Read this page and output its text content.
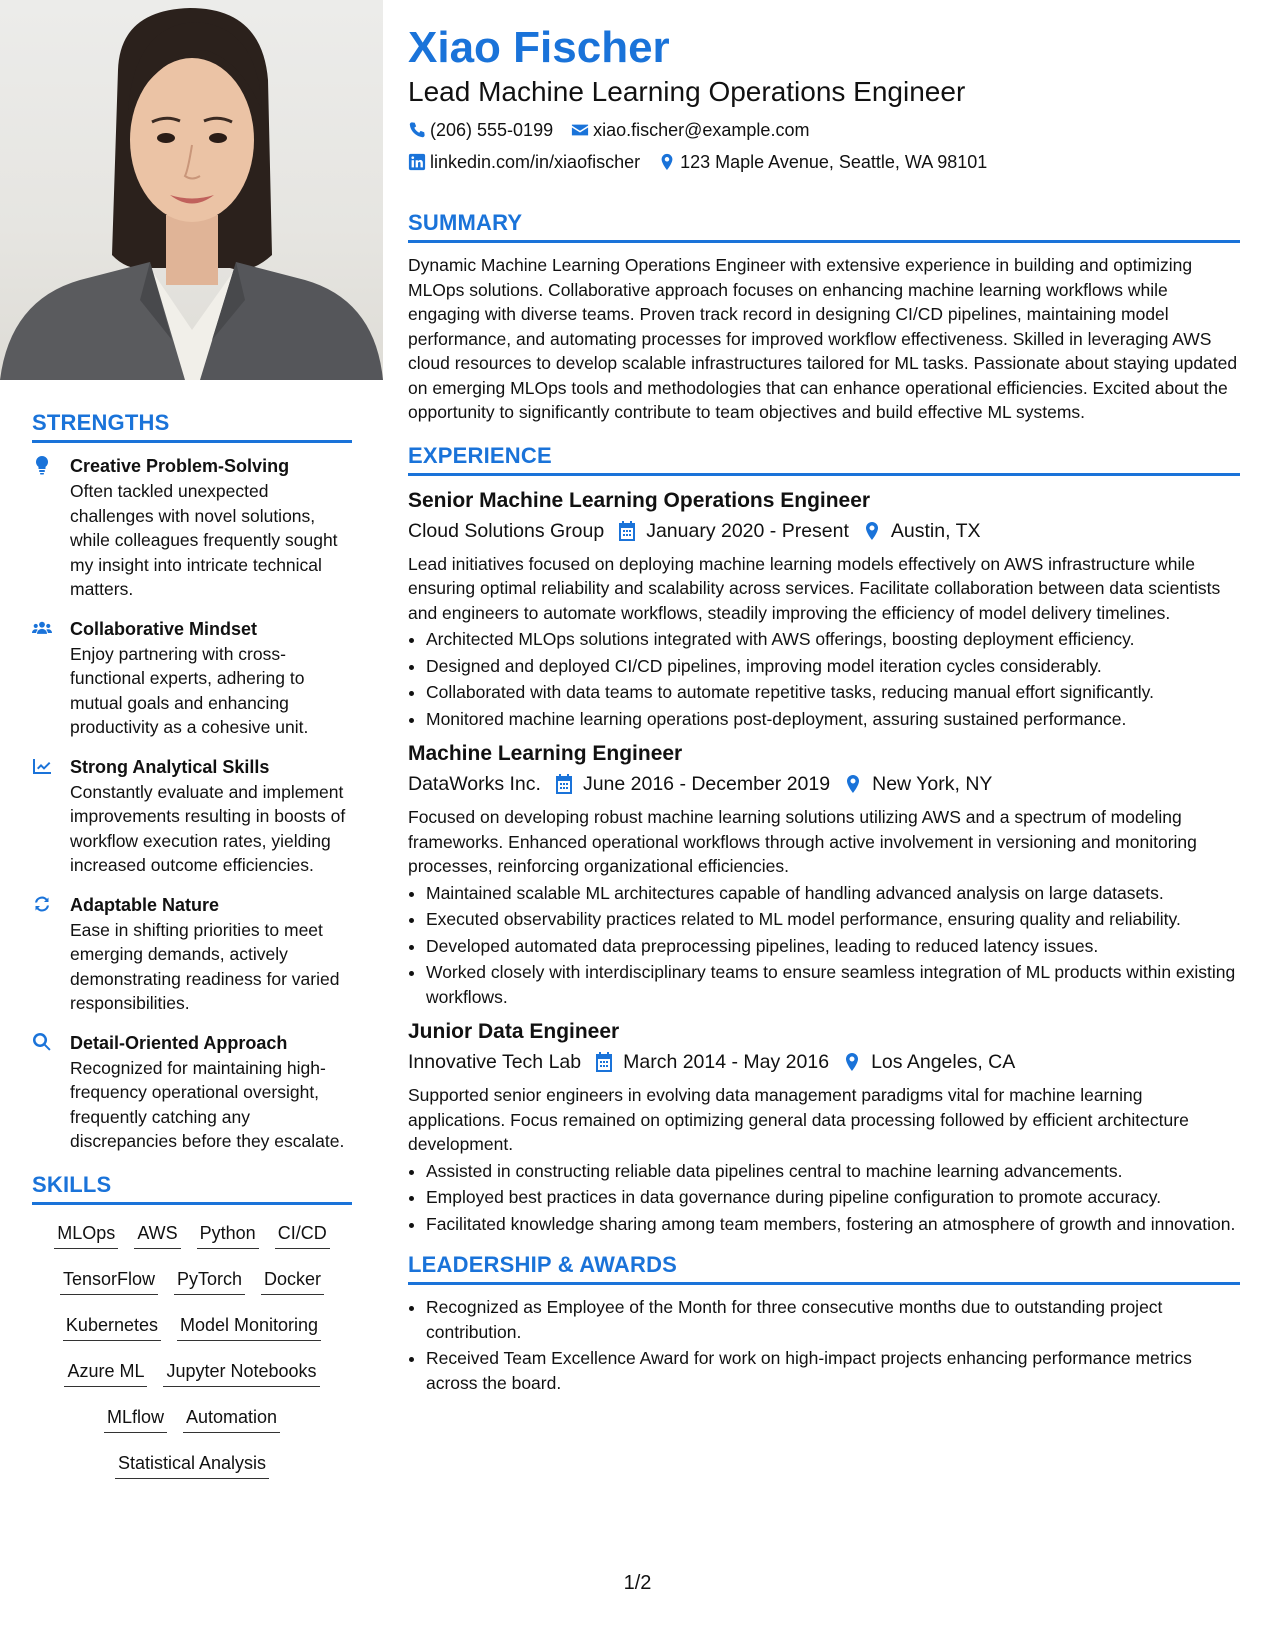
STRENGTHS
Creative Problem-Solving
Often tackled unexpected challenges with novel solutions, while colleagues frequently sought my insight into intricate technical matters.
Collaborative Mindset
Enjoy partnering with cross-functional experts, adhering to mutual goals and enhancing productivity as a cohesive unit.
Strong Analytical Skills
Constantly evaluate and implement improvements resulting in boosts of workflow execution rates, yielding increased outcome efficiencies.
Adaptable Nature
Ease in shifting priorities to meet emerging demands, actively demonstrating readiness for varied responsibilities.
Detail-Oriented Approach
Recognized for maintaining high-frequency operational oversight, frequently catching any discrepancies before they escalate.
SKILLS
MLOps AWS Python CI/CD
TensorFlow PyTorch Docker
Kubernetes Model Monitoring
Azure ML Jupyter Notebooks
MLflow Automation
Statistical Analysis
Xiao Fischer
Lead Machine Learning Operations Engineer
(206) 555-0199 xiao.fischer@example.com
linkedin.com/in/xiaofischer 123 Maple Avenue, Seattle, WA 98101
SUMMARY
Dynamic Machine Learning Operations Engineer with extensive experience in building and optimizing MLOps solutions. Collaborative approach focuses on enhancing machine learning workflows while engaging with diverse teams. Proven track record in designing CI/CD pipelines, maintaining model performance, and automating processes for improved workflow effectiveness. Skilled in leveraging AWS cloud resources to develop scalable infrastructures tailored for ML tasks. Passionate about staying updated on emerging MLOps tools and methodologies that can enhance operational efficiencies. Excited about the opportunity to significantly contribute to team objectives and build effective ML systems.
EXPERIENCE
Senior Machine Learning Operations Engineer
Cloud Solutions Group January 2020 - Present Austin, TX
Lead initiatives focused on deploying machine learning models effectively on AWS infrastructure while ensuring optimal reliability and scalability across services. Facilitate collaboration between data scientists and engineers to automate workflows, steadily improving the efficiency of model delivery timelines.
• Architected MLOps solutions integrated with AWS offerings, boosting deployment efficiency.
• Designed and deployed CI/CD pipelines, improving model iteration cycles considerably.
• Collaborated with data teams to automate repetitive tasks, reducing manual effort significantly.
• Monitored machine learning operations post-deployment, assuring sustained performance.
Machine Learning Engineer
DataWorks Inc. June 2016 - December 2019 New York, NY
Focused on developing robust machine learning solutions utilizing AWS and a spectrum of modeling frameworks. Enhanced operational workflows through active involvement in versioning and monitoring processes, reinforcing organizational efficiencies.
• Maintained scalable ML architectures capable of handling advanced analysis on large datasets.
• Executed observability practices related to ML model performance, ensuring quality and reliability.
• Developed automated data preprocessing pipelines, leading to reduced latency issues.
• Worked closely with interdisciplinary teams to ensure seamless integration of ML products within existing workflows.
Junior Data Engineer
Innovative Tech Lab March 2014 - May 2016 Los Angeles, CA
Supported senior engineers in evolving data management paradigms vital for machine learning applications. Focus remained on optimizing general data processing followed by efficient architecture development.
• Assisted in constructing reliable data pipelines central to machine learning advancements.
• Employed best practices in data governance during pipeline configuration to promote accuracy.
• Facilitated knowledge sharing among team members, fostering an atmosphere of growth and innovation.
LEADERSHIP & AWARDS
• Recognized as Employee of the Month for three consecutive months due to outstanding project contribution.
• Received Team Excellence Award for work on high-impact projects enhancing performance metrics across the board.
1/2
